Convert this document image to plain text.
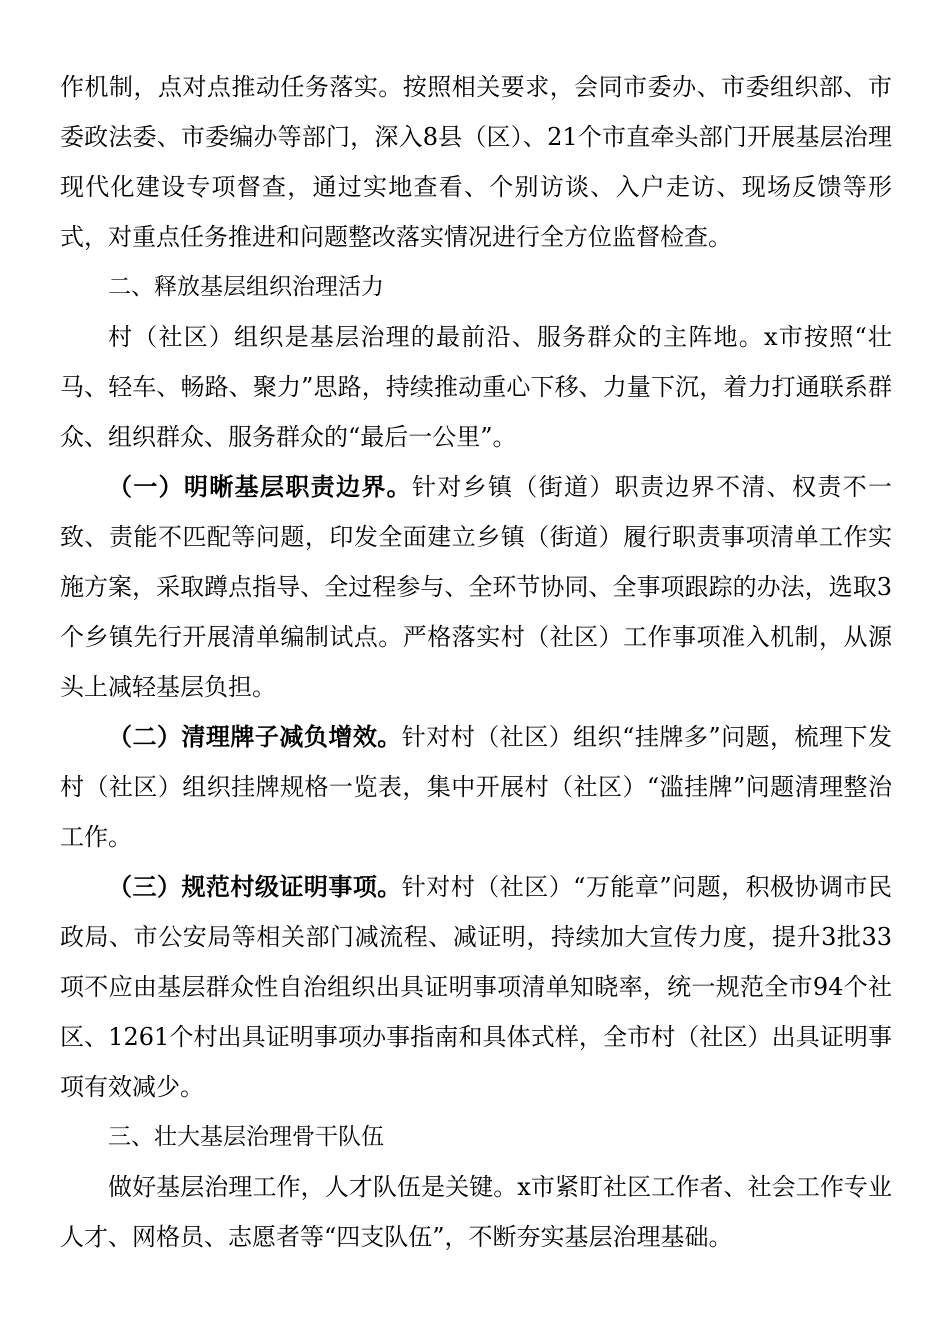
作机制，点对点推动任务落实。按照相关要求，会同市委办、市委组织部、市委政法委、市委编办等部门，深入8县（区）、21个市直牵头部门开展基层治理现代化建设专项督查，通过实地查看、个别访谈、入户走访、现场反馈等形式，对重点任务推进和问题整改落实情况进行全方位监督检查。

二、释放基层组织治理活力

村（社区）组织是基层治理的最前沿、服务群众的主阵地。x市按照“壮马、轻车、畅路、聚力”思路，持续推动重心下移、力量下沉，着力打通联系群众、组织群众、服务群众的“最后一公里”。

（一）明晰基层职责边界。针对乡镇（街道）职责边界不清、权责不一致、责能不匹配等问题，印发全面建立乡镇（街道）履行职责事项清单工作实施方案，采取蹲点指导、全过程参与、全环节协同、全事项跟踪的办法，选取3个乡镇先行开展清单编制试点。严格落实村（社区）工作事项准入机制，从源头上减轻基层负担。

（二）清理牌子减负增效。针对村（社区）组织“挂牌多”问题，梳理下发村（社区）组织挂牌规格一览表，集中开展村（社区）“滥挂牌”问题清理整治工作。

（三）规范村级证明事项。针对村（社区）“万能章”问题，积极协调市民政局、市公安局等相关部门减流程、减证明，持续加大宣传力度，提升3批33项不应由基层群众性自治组织出具证明事项清单知晓率，统一规范全市94个社区、1261个村出具证明事项办事指南和具体式样，全市村（社区）出具证明事项有效减少。

三、壮大基层治理骨干队伍

做好基层治理工作，人才队伍是关键。x市紧盯社区工作者、社会工作专业人才、网格员、志愿者等“四支队伍”，不断夯实基层治理基础。
